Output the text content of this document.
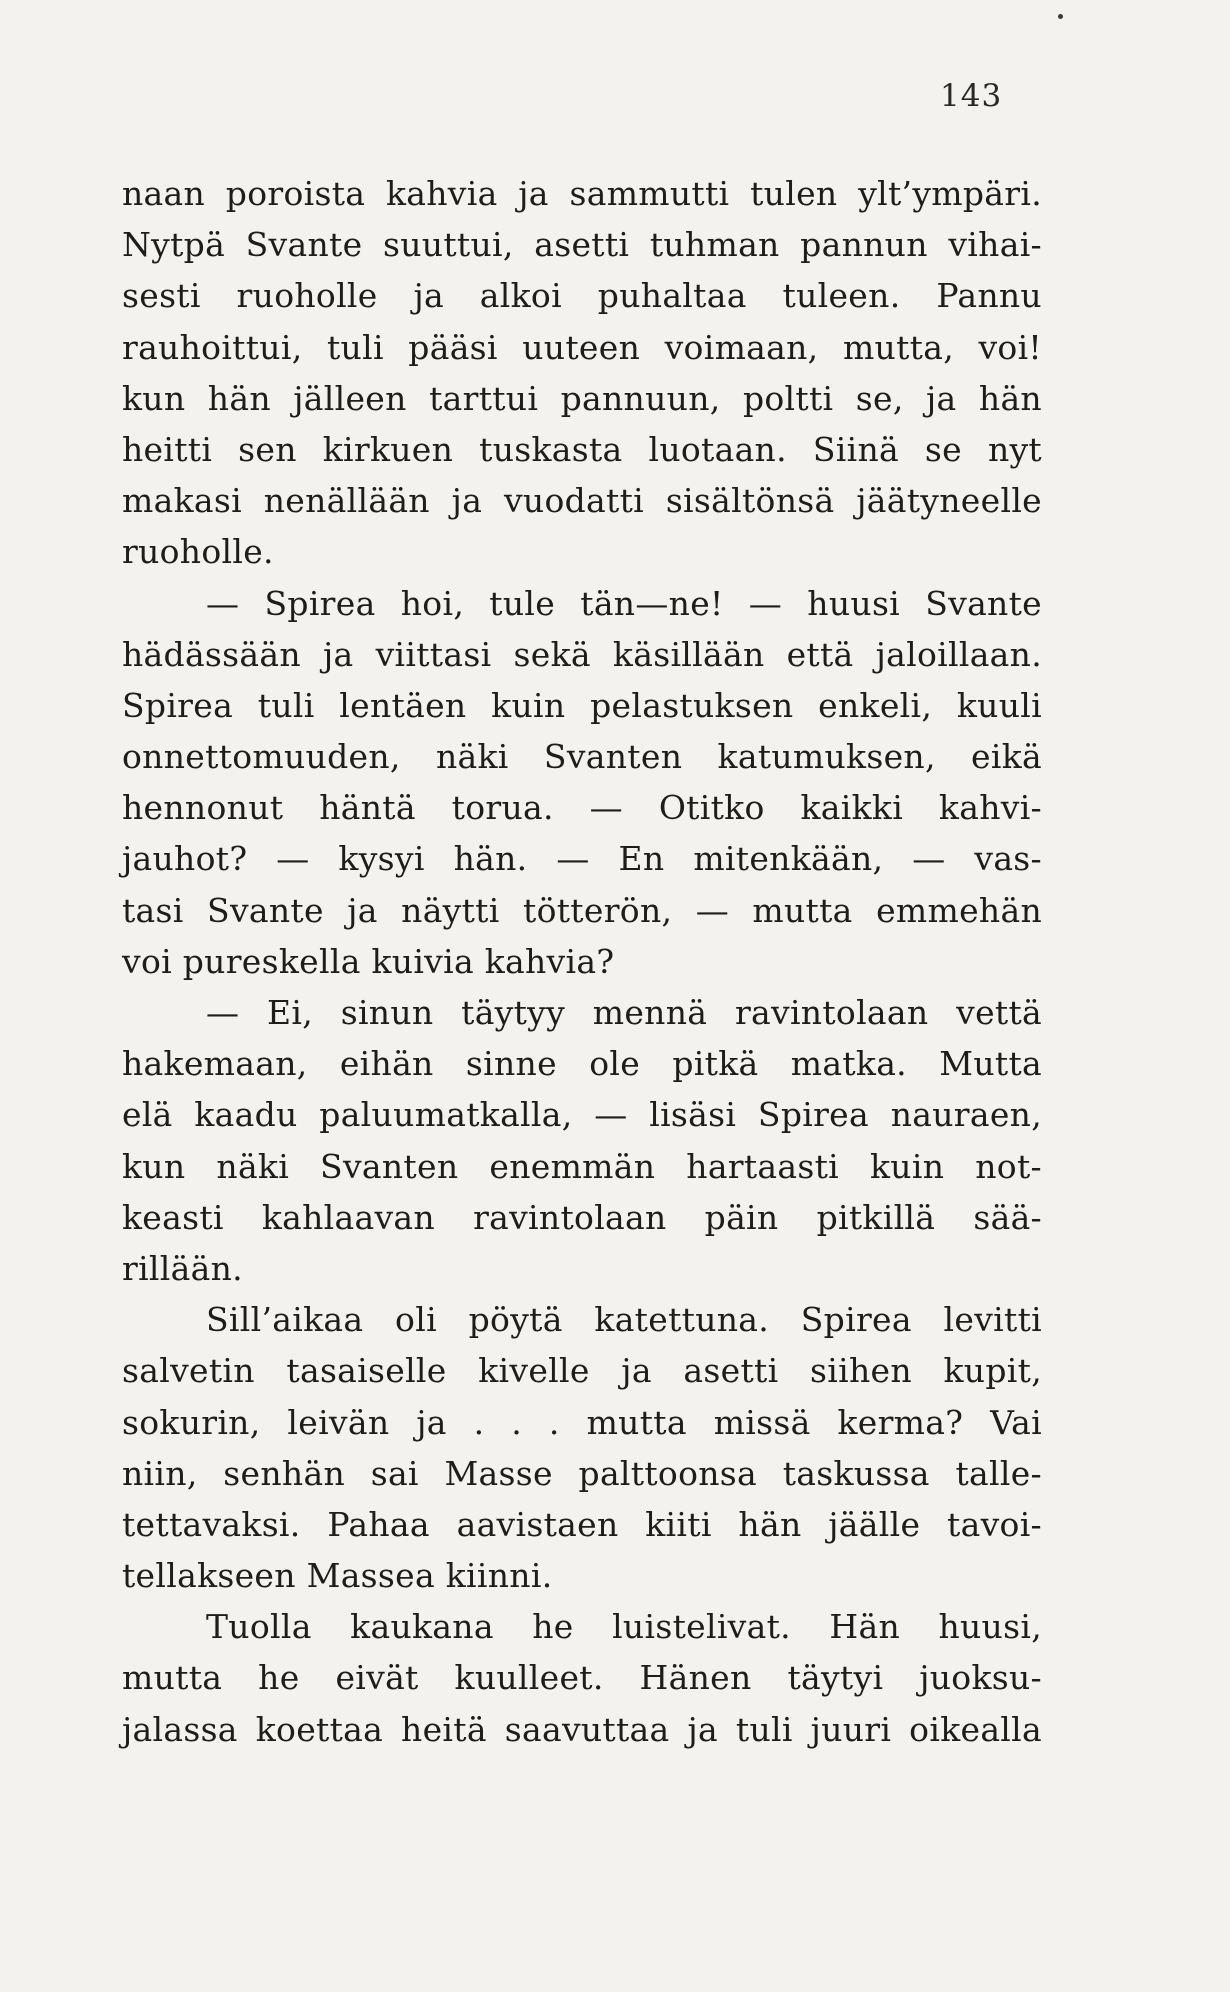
143
naan poroista kahvia ja sammutti tulen ylt’ympäri.
Nytpä Svante suuttui, asetti tuhman pannun vihai-
sesti ruoholle ja alkoi puhaltaa tuleen. Pannu
rauhoittui, tuli pääsi uuteen voimaan, mutta, voi!
kun hän jälleen tarttui pannuun, poltti se, ja hän
heitti sen kirkuen tuskasta luotaan. Siinä se nyt
makasi nenällään ja vuodatti sisältönsä jäätyneelle
ruoholle.
— Spirea hoi, tule tän—ne! — huusi Svante
hädässään ja viittasi sekä käsillään että jaloillaan.
Spirea tuli lentäen kuin pelastuksen enkeli, kuuli
onnettomuuden, näki Svanten katumuksen, eikä
hennonut häntä torua. — Otitko kaikki kahvi-
jauhot? — kysyi hän. — En mitenkään, — vas-
tasi Svante ja näytti tötterön, — mutta emmehän
voi pureskella kuivia kahvia?
— Ei, sinun täytyy mennä ravintolaan vettä
hakemaan, eihän sinne ole pitkä matka. Mutta
elä kaadu paluumatkalla, — lisäsi Spirea nauraen,
kun näki Svanten enemmän hartaasti kuin not-
keasti kahlaavan ravintolaan päin pitkillä sää-
rillään.
Sill’aikaa oli pöytä katettuna. Spirea levitti
salvetin tasaiselle kivelle ja asetti siihen kupit,
sokurin, leivän ja . . . mutta missä kerma? Vai
niin, senhän sai Masse palttoonsa taskussa talle-
tettavaksi. Pahaa aavistaen kiiti hän jäälle tavoi-
tellakseen Massea kiinni.
Tuolla kaukana he luistelivat. Hän huusi,
mutta he eivät kuulleet. Hänen täytyi juoksu-
jalassa koettaa heitä saavuttaa ja tuli juuri oikealla
